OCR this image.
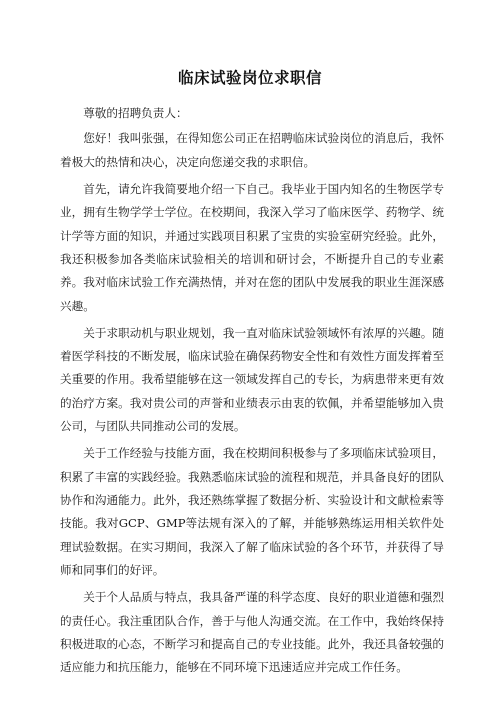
临床试验岗位求职信

尊敬的招聘负责人：

您好！我叫张强，在得知您公司正在招聘临床试验岗位的消息后，我怀着极大的热情和决心，决定向您递交我的求职信。

首先，请允许我简要地介绍一下自己。我毕业于国内知名的生物医学专业，拥有生物学学士学位。在校期间，我深入学习了临床医学、药物学、统计学等方面的知识，并通过实践项目积累了宝贵的实验室研究经验。此外，我还积极参加各类临床试验相关的培训和研讨会，不断提升自己的专业素养。我对临床试验工作充满热情，并对在您的团队中发展我的职业生涯深感兴趣。

关于求职动机与职业规划，我一直对临床试验领域怀有浓厚的兴趣。随着医学科技的不断发展，临床试验在确保药物安全性和有效性方面发挥着至关重要的作用。我希望能够在这一领域发挥自己的专长，为病患带来更有效的治疗方案。我对贵公司的声誉和业绩表示由衷的钦佩，并希望能够加入贵公司，与团队共同推动公司的发展。

关于工作经验与技能方面，我在校期间积极参与了多项临床试验项目，积累了丰富的实践经验。我熟悉临床试验的流程和规范，并具备良好的团队协作和沟通能力。此外，我还熟练掌握了数据分析、实验设计和文献检索等技能。我对GCP、GMP等法规有深入的了解，并能够熟练运用相关软件处理试验数据。在实习期间，我深入了解了临床试验的各个环节，并获得了导师和同事们的好评。

关于个人品质与特点，我具备严谨的科学态度、良好的职业道德和强烈的责任心。我注重团队合作，善于与他人沟通交流。在工作中，我始终保持积极进取的心态，不断学习和提高自己的专业技能。此外，我还具备较强的适应能力和抗压能力，能够在不同环境下迅速适应并完成工作任务。
